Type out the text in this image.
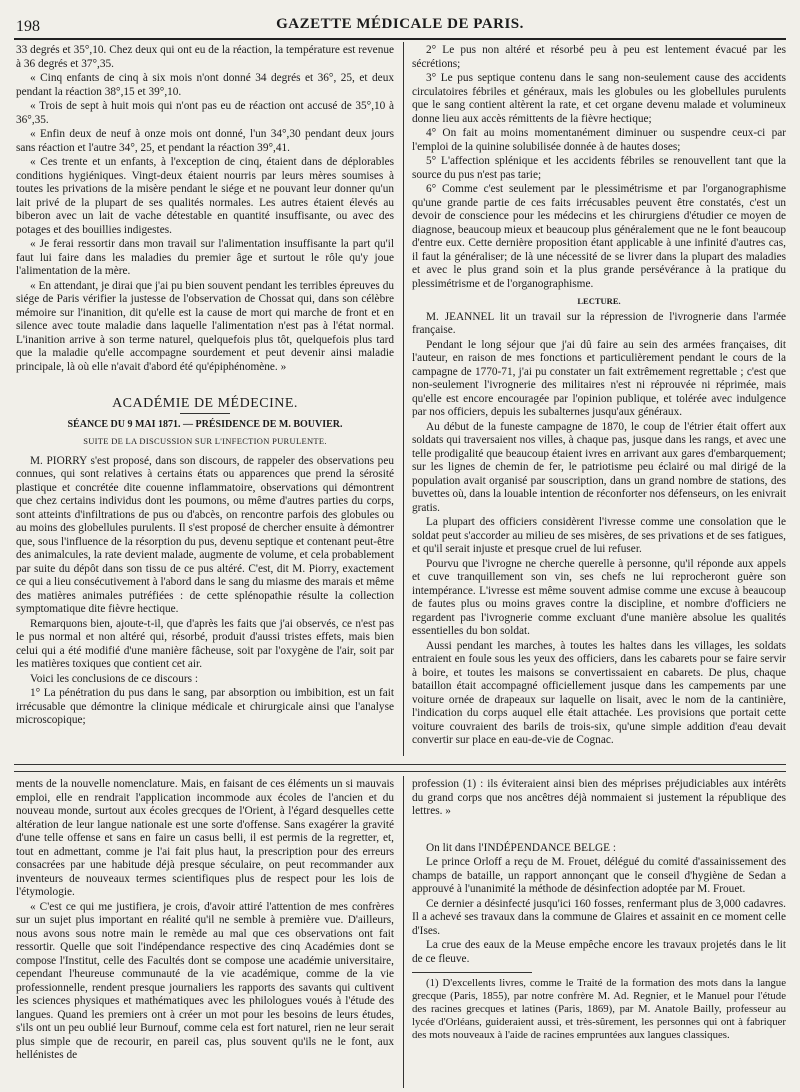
198	GAZETTE MÉDICALE DE PARIS.

33 degrés et 35°,10. Chez deux qui ont eu de la réaction, la température est revenue à 36 degrés et 37°,35.

« Cinq enfants de cinq à six mois n'ont donné 34 degrés et 36°, 25, et deux pendant la réaction 38°,15 et 39°,10.

« Trois de sept à huit mois qui n'ont pas eu de réaction ont accusé de 35°,10 à 36°,35.

« Enfin deux de neuf à onze mois ont donné, l'un 34°,30 pendant deux jours sans réaction et l'autre 34°, 25, et pendant la réaction 39°,41.

« Ces trente et un enfants, à l'exception de cinq, étaient dans de déplorables conditions hygiéniques. Vingt-deux étaient nourris par leurs mères soumises à toutes les privations de la misère pendant le siége et ne pouvant leur donner qu'un lait privé de la plupart de ses qualités normales. Les autres étaient élevés au biberon avec un lait de vache détestable en quantité insuffisante, ou avec des potages et des bouillies indigestes.

« Je ferai ressortir dans mon travail sur l'alimentation insuffisante la part qu'il faut lui faire dans les maladies du premier âge et surtout le rôle qu'y joue l'alimentation de la mère.

« En attendant, je dirai que j'ai pu bien souvent pendant les terribles épreuves du siége de Paris vérifier la justesse de l'observation de Chossat qui, dans son célèbre mémoire sur l'inanition, dit qu'elle est la cause de mort qui marche de front et en silence avec toute maladie dans laquelle l'alimentation n'est pas à l'état normal. L'inanition arrive à son terme naturel, quelquefois plus tôt, quelquefois plus tard que la maladie qu'elle accompagne sourdement et peut devenir ainsi maladie principale, là où elle n'avait d'abord été qu'épiphénomène. »

ACADÉMIE DE MÉDECINE.
SÉANCE DU 9 MAI 1871. — PRÉSIDENCE DE M. BOUVIER.
SUITE DE LA DISCUSSION SUR L'INFECTION PURULENTE.

M. PIORRY s'est proposé, dans son discours, de rappeler des observations peu connues, qui sont relatives à certains états ou apparences que prend la sérosité plastique et concrétée dite couenne inflammatoire, observations qui démontrent que chez certains individus dont les poumons, ou même d'autres parties du corps, sont atteints d'infiltrations de pus ou d'abcès, on rencontre parfois des globules ou au moins des globellules purulents. Il s'est proposé de chercher ensuite à démontrer que, sous l'influence de la résorption du pus, devenu septique et contenant peut-être des animalcules, la rate devient malade, augmente de volume, et cela probablement par suite du dépôt dans son tissu de ce pus altéré. C'est, dit M. Piorry, exactement ce qui a lieu consécutivement à l'abord dans le sang du miasme des marais et même des matières animales putréfiées : de cette splénopathie résulte la collection symptomatique dite fièvre hectique.

Remarquons bien, ajoute-t-il, que d'après les faits que j'ai observés, ce n'est pas le pus normal et non altéré qui, résorbé, produit d'aussi tristes effets, mais bien celui qui a été modifié d'une manière fâcheuse, soit par l'oxygène de l'air, soit par les matières toxiques que contient cet air.

Voici les conclusions de ce discours :

1° La pénétration du pus dans le sang, par absorption ou imbibition, est un fait irrécusable que démontre la clinique médicale et chirurgicale ainsi que l'analyse microscopique;

2° Le pus non altéré et résorbé peu à peu est lentement évacué par les sécrétions;

3° Le pus septique contenu dans le sang non-seulement cause des accidents circulatoires fébriles et généraux, mais les globules ou les globellules purulents que le sang contient altèrent la rate, et cet organe devenu malade et volumineux donne lieu aux accès rémittents de la fièvre hectique;

4° On fait au moins momentanément diminuer ou suspendre ceux-ci par l'emploi de la quinine solubilisée donnée à de hautes doses;

5° L'affection splénique et les accidents fébriles se renouvellent tant que la source du pus n'est pas tarie;

6° Comme c'est seulement par le plessimétrisme et par l'organographisme qu'une grande partie de ces faits irrécusables peuvent être constatés, c'est un devoir de conscience pour les médecins et les chirurgiens d'étudier ce moyen de diagnose, beaucoup mieux et beaucoup plus généralement que ne le font beaucoup d'entre eux. Cette dernière proposition étant applicable à une infinité d'autres cas, il faut la généraliser; de là une nécessité de se livrer dans la plupart des maladies et avec le plus grand soin et la plus grande persévérance à la pratique du plessimétrisme et de l'organographisme.

LECTURE.

M. JEANNEL lit un travail sur la répression de l'ivrognerie dans l'armée française.

Pendant le long séjour que j'ai dû faire au sein des armées françaises, dit l'auteur, en raison de mes fonctions et particulièrement pendant le cours de la campagne de 1770-71, j'ai pu constater un fait extrêmement regrettable ; c'est que non-seulement l'ivrognerie des militaires n'est ni réprouvée ni réprimée, mais qu'elle est encore encouragée par l'opinion publique, et tolérée avec indulgence par nos officiers, depuis les subalternes jusqu'aux généraux.

Au début de la funeste campagne de 1870, le coup de l'étrier était offert aux soldats qui traversaient nos villes, à chaque pas, jusque dans les rangs, et avec une telle prodigalité que beaucoup étaient ivres en arrivant aux gares d'embarquement; sur les lignes de chemin de fer, le patriotisme peu éclairé ou mal dirigé de la population avait organisé par souscription, dans un grand nombre de stations, des buvettes où, dans la louable intention de réconforter nos défenseurs, on les enivrait gratis.

La plupart des officiers considèrent l'ivresse comme une consolation que le soldat peut s'accorder au milieu de ses misères, de ses privations et de ses fatigues, et qu'il serait injuste et presque cruel de lui refuser.

Pourvu que l'ivrogne ne cherche querelle à personne, qu'il réponde aux appels et cuve tranquillement son vin, ses chefs ne lui reprocheront guère son intempérance. L'ivresse est même souvent admise comme une excuse à beaucoup de fautes plus ou moins graves contre la discipline, et nombre d'officiers ne regardent pas l'ivrognerie comme excluant d'une manière absolue les qualités essentielles du bon soldat.

Aussi pendant les marches, à toutes les haltes dans les villages, les soldats entraient en foule sous les yeux des officiers, dans les cabarets pour se faire servir à boire, et toutes les maisons se convertissaient en cabarets. De plus, chaque bataillon était accompagné officiellement jusque dans les campements par une voiture ornée de drapeaux sur laquelle on lisait, avec le nom de la cantinière, l'indication du corps auquel elle était attachée. Les provisions que portait cette voiture couvraient des barils de trois-six, qu'une simple addition d'eau devait convertir sur place en eau-de-vie de Cognac.

ments de la nouvelle nomenclature. Mais, en faisant de ces éléments un si mauvais emploi, elle en rendrait l'application incommode aux écoles de l'ancien et du nouveau monde, surtout aux écoles grecques de l'Orient, à l'égard desquelles cette altération de leur langue nationale est une sorte d'offense. Sans exagérer la gravité d'une telle offense et sans en faire un casus belli, il est permis de la regretter, et, tout en admettant, comme je l'ai fait plus haut, la prescription pour des erreurs consacrées par une habitude déjà presque séculaire, on peut recommander aux inventeurs de nouveaux termes scientifiques plus de respect pour les lois de l'étymologie.

« C'est ce qui me justifiera, je crois, d'avoir attiré l'attention de mes confrères sur un sujet plus important en réalité qu'il ne semble à première vue. D'ailleurs, nous avons sous notre main le remède au mal que ces observations ont fait ressortir. Quelle que soit l'indépendance respective des cinq Académies dont se compose l'Institut, celle des Facultés dont se compose une académie universitaire, cependant l'heureuse communauté de la vie académique, comme de la vie professionnelle, rendent presque journaliers les rapports des savants qui cultivent les sciences physiques et mathématiques avec les philologues voués à l'étude des langues. Quand les premiers ont à créer un mot pour les besoins de leurs études, s'ils ont un peu oublié leur Burnouf, comme cela est fort naturel, rien ne leur serait plus simple que de recourir, en pareil cas, plus souvent qu'ils ne le font, aux hellénistes de

profession (1) : ils éviteraient ainsi bien des méprises préjudiciables aux intérêts du grand corps que nos ancêtres déjà nommaient si justement la république des lettres. »

On lit dans l'INDÉPENDANCE BELGE :

Le prince Orloff a reçu de M. Frouet, délégué du comité d'assainissement des champs de bataille, un rapport annonçant que le conseil d'hygiène de Sedan a approuvé à l'unanimité la méthode de désinfection adoptée par M. Frouet.

Ce dernier a désinfecté jusqu'ici 160 fosses, renfermant plus de 3,000 cadavres. Il a achevé ses travaux dans la commune de Glaires et assainit en ce moment celle d'Ises.

La crue des eaux de la Meuse empêche encore les travaux projetés dans le lit de ce fleuve.

(1) D'excellents livres, comme le Traité de la formation des mots dans la langue grecque (Paris, 1855), par notre confrère M. Ad. Regnier, et le Manuel pour l'étude des racines grecques et latines (Paris, 1869), par M. Anatole Bailly, professeur au lycée d'Orléans, guideraient aussi, et très-sûrement, les personnes qui ont à fabriquer des mots nouveaux à l'aide de racines empruntées aux langues classiques.
